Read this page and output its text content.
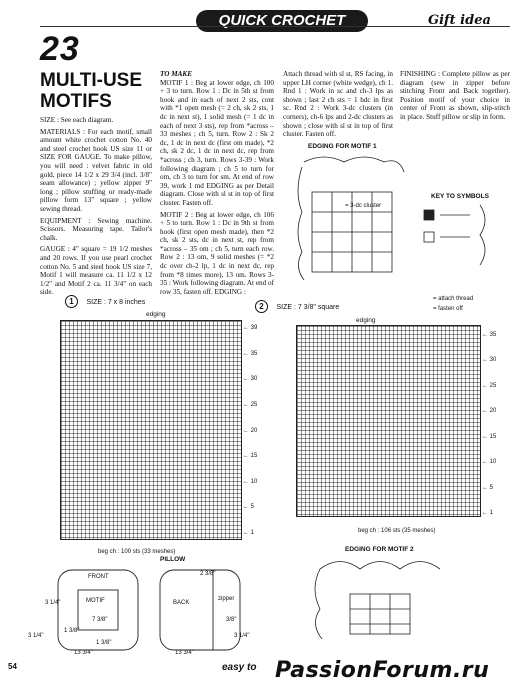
QUICK CROCHET	Gift idea
23
MULTI-USE MOTIFS

SIZE : See each diagram.

MATERIALS : For each motif, small amount white crochet cotton No. 40 and steel crochet hook US size 11 or SIZE FOR GAUGE. To make pillow, you will need : velvet fabric in old gold, piece 14 1/2 x 29 3/4 (incl. 3/8" seam allowance) ; yellow zipper 9" long ; pillow stuffing or ready-made pillow form 13" square ; yellow sewing thread.

EQUIPMENT : Sewing machine. Scissors. Measuring tape. Tailor's chalk.

GAUGE : 4" square = 19 1/2 meshes and 20 rows. If you use pearl crochet cotton No. 5 and steel hook US size 7, Motif 1 will measure ca. 11 1/2 x 12 1/2" and Motif 2 ca. 11 3/4" on each side.

TO MAKE

MOTIF 1 : Beg at lower edge, ch 100 + 3 to turn. Row 1 : Dc in 5th st from hook and in each of next 2 sts, cont with *1 open mesh (= 2 ch, sk 2 sts, 1 dc in next st), 1 solid mesh (= 1 dc in each of next 3 sts), rep from *across – 33 meshes ; ch 5, turn. Row 2 : Sk 2 dc, 1 dc in next dc (first om made), *2 ch, sk 2 dc, 1 dc in next dc, rep from *across ; ch 3, turn. Rows 3-39 : Work following diagram ; ch 5 to turn for om, ch 3 to turn for sm. At end of row 39, work 1 md EDGING as per Detail diagram. Close with sl st in top of first cluster. Fasten off.

MOTIF 2 : Beg at lower edge, ch 106 + 5 to turn. Row 1 : Dc in 9th st from hook (first open mesh made), then *2 ch, sk 2 sts, dc in next st, rep from *across – 35 om ; ch 5, turn each row. Row 2 : 13 om, 9 solid meshes (= *2 dc over ch-2 lp, 1 dc in next dc, rep from *8 times more), 13 om. Rows 3-35 : Work following diagram. At end of row 35, fasten off. EDGING :

Attach thread with sl st, RS facing, in upper LH corner (white wedge), ch 1. Rnd 1 : Work in sc and ch-3 lps as shown ; last 2 ch sts = 1 hdc in first sc. Rnd 2 : Work 3-dc clusters (in corners), ch-6 lps and 2-dc clusters as shown ; close with sl st in top of first cluster. Fasten off.

FINISHING : Complete pillow as per diagram (sew in zipper before stitching Front and Back together). Position motif of your choice in center of Front as shown, slip-stitch in place. Stuff pillow or slip in form.

EDGING FOR MOTIF 1
= 3-dc cluster
KEY TO SYMBOLS
= attach thread
= fasten off
1 SIZE : 7 x 8 inches
edging
beg ch : 100 sts (33 meshes)
← 39
← 35
← 30
← 25
← 20
← 15
← 10
← 5
← 1
2 SIZE : 7 3/8" square
edging
beg ch : 106 sts (35 meshes)
← 35
← 30
← 25
← 20
← 15
← 10
← 5
← 1
EDGING FOR MOTIF 2
PILLOW
FRONT
MOTIF	BACK
zipper
3 1/4"
7 3/8"
3 1/4"
1 3/8"
1 3/8"
13 3/4"	13 3/4"
2 3/8"
3/8"
3 1/4"
54	easy to PassionForum.ru
